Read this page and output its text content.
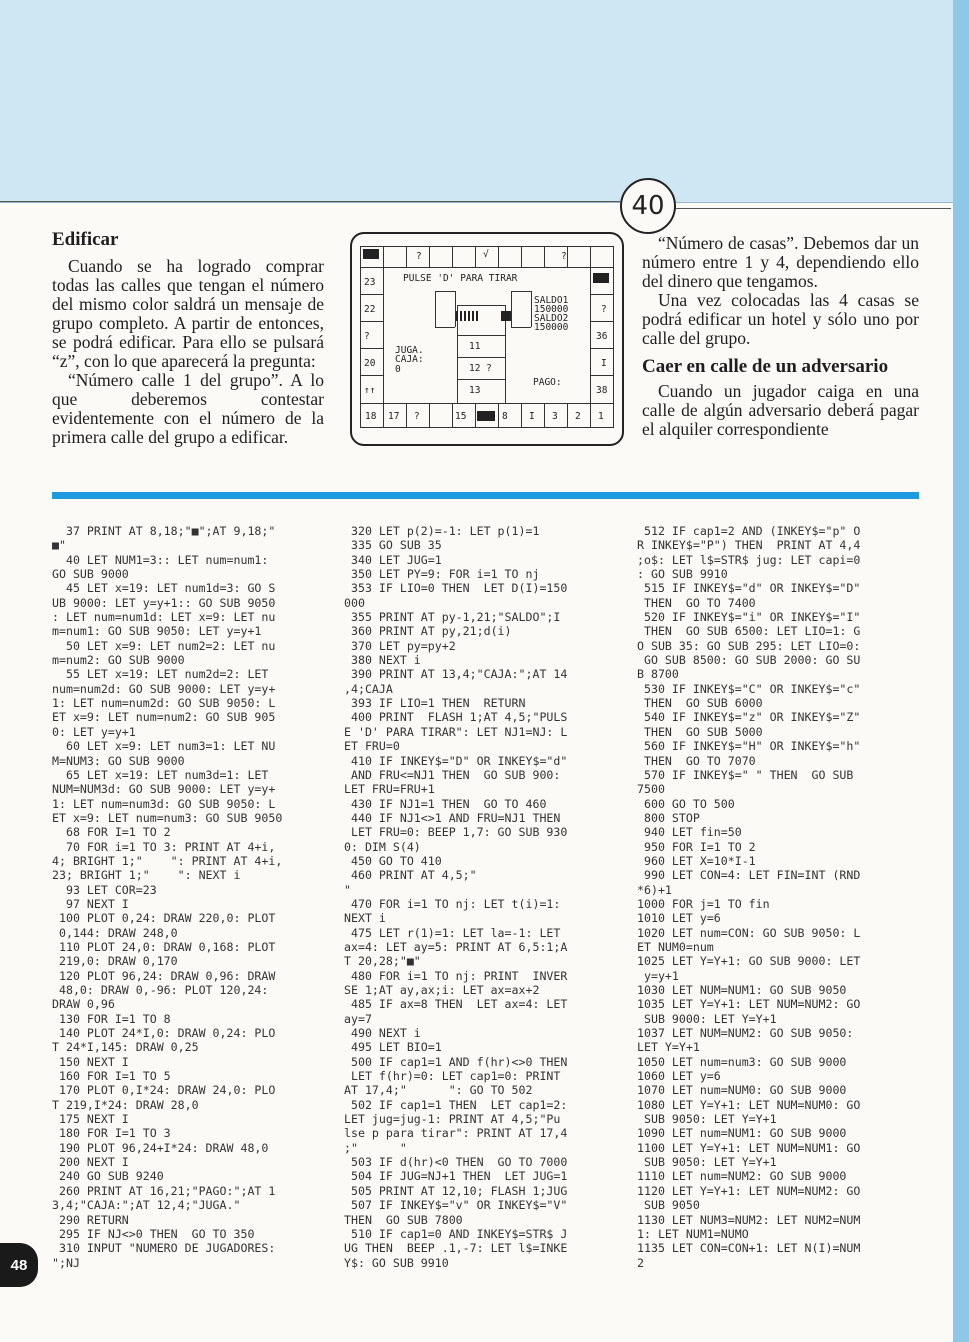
40
Edificar

Cuando se ha logrado comprar todas las calles que tengan el número del mismo color saldrá un mensaje de grupo completo. A partir de entonces, se podrá edificar. Para ello se pulsará “z”, con lo que aparecerá la pregunta:

“Número calle 1 del grupo”. A lo que deberemos contestar evidentemente con el número de la primera calle del grupo a edificar.

?	√	?
PULSE 'D' PARA TIRAR
23
22
?
20
↑↑
?
36
I
38
SALDO1
150000
SALDO2
150000
JUGA.
CAJA:
0
11
12 ?
13
PAGO:
18 17 ?	15	8 I 3 2 1

“Número de casas”. Debemos dar un número entre 1 y 4, dependiendo ello del dinero que tengamos.

Una vez colocadas las 4 casas se podrá edificar un hotel y sólo uno por calle del grupo.

Caer en calle de un adversario

Cuando un jugador caiga en una calle de algún adversario deberá pagar el alquiler correspondiente

37 PRINT AT 8,18;"■";AT 9,18;"
■"
40 LET NUM1=3:: LET num=num1:
GO SUB 9000
45 LET x=19: LET num1d=3: GO S
UB 9000: LET y=y+1:: GO SUB 9050
: LET num=num1d: LET x=9: LET nu
m=num1: GO SUB 9050: LET y=y+1
50 LET x=9: LET num2=2: LET nu
m=num2: GO SUB 9000
55 LET x=19: LET num2d=2: LET
num=num2d: GO SUB 9000: LET y=y+
1: LET num=num2d: GO SUB 9050: L
ET x=9: LET num=num2: GO SUB 905
0: LET y=y+1
60 LET x=9: LET num3=1: LET NU
M=NUM3: GO SUB 9000
65 LET x=19: LET num3d=1: LET
NUM=NUM3d: GO SUB 9000: LET y=y+
1: LET num=num3d: GO SUB 9050: L
ET x=9: LET num=num3: GO SUB 9050
68 FOR I=1 TO 2
70 FOR i=1 TO 3: PRINT AT 4+i,
4; BRIGHT 1;"    ": PRINT AT 4+i,
23; BRIGHT 1;"    ": NEXT i
93 LET COR=23
97 NEXT I
100 PLOT 0,24: DRAW 220,0: PLOT
0,144: DRAW 248,0
110 PLOT 24,0: DRAW 0,168: PLOT
219,0: DRAW 0,170
120 PLOT 96,24: DRAW 0,96: DRAW
48,0: DRAW 0,-96: PLOT 120,24:
DRAW 0,96
130 FOR I=1 TO 8
140 PLOT 24*I,0: DRAW 0,24: PLO
T 24*I,145: DRAW 0,25
150 NEXT I
160 FOR I=1 TO 5
170 PLOT 0,I*24: DRAW 24,0: PLO
T 219,I*24: DRAW 28,0
175 NEXT I
180 FOR I=1 TO 3
190 PLOT 96,24+I*24: DRAW 48,0
200 NEXT I
240 GO SUB 9240
260 PRINT AT 16,21;"PAGO:";AT 1
3,4;"CAJA:";AT 12,4;"JUGA."
290 RETURN
295 IF NJ<>0 THEN  GO TO 350
310 INPUT "NUMERO DE JUGADORES:
";NJ
320 LET p(2)=-1: LET p(1)=1
335 GO SUB 35
340 LET JUG=1
350 LET PY=9: FOR i=1 TO nj
353 IF LIO=0 THEN  LET D(I)=150
000
355 PRINT AT py-1,21;"SALDO";I
360 PRINT AT py,21;d(i)
370 LET py=py+2
380 NEXT i
390 PRINT AT 13,4;"CAJA:";AT 14
,4;CAJA
393 IF LIO=1 THEN  RETURN
400 PRINT  FLASH 1;AT 4,5;"PULS
E 'D' PARA TIRAR": LET NJ1=NJ: L
ET FRU=0
410 IF INKEY$="D" OR INKEY$="d"
AND FRU<=NJ1 THEN  GO SUB 900:
LET FRU=FRU+1
430 IF NJ1=1 THEN  GO TO 460
440 IF NJ1<>1 AND FRU=NJ1 THEN
LET FRU=0: BEEP 1,7: GO SUB 930
0: DIM S(4)
450 GO TO 410
460 PRINT AT 4,5;"
"
470 FOR i=1 TO nj: LET t(i)=1:
NEXT i
475 LET r(1)=1: LET la=-1: LET
ax=4: LET ay=5: PRINT AT 6,5:1;A
T 20,28;"■"
480 FOR i=1 TO nj: PRINT  INVER
SE 1;AT ay,ax;i: LET ax=ax+2
485 IF ax=8 THEN  LET ax=4: LET
ay=7
490 NEXT i
495 LET BIO=1
500 IF cap1=1 AND f(hr)<>0 THEN
LET f(hr)=0: LET cap1=0: PRINT
AT 17,4;"      ": GO TO 502
502 IF cap1=1 THEN  LET cap1=2:
LET jug=jug-1: PRINT AT 4,5;"Pu
lse p para tirar": PRINT AT 17,4
;"      "
503 IF d(hr)<0 THEN  GO TO 7000
504 IF JUG=NJ+1 THEN  LET JUG=1
505 PRINT AT 12,10; FLASH 1;JUG
507 IF INKEY$="v" OR INKEY$="V"
THEN  GO SUB 7800
510 IF cap1=0 AND INKEY$=STR$ J
UG THEN  BEEP .1,-7: LET l$=INKE
Y$: GO SUB 9910
512 IF cap1=2 AND (INKEY$="p" O
R INKEY$="P") THEN  PRINT AT 4,4
;o$: LET l$=STR$ jug: LET capi=0
: GO SUB 9910
515 IF INKEY$="d" OR INKEY$="D"
THEN  GO TO 7400
520 IF INKEY$="i" OR INKEY$="I"
THEN  GO SUB 6500: LET LIO=1: G
O SUB 35: GO SUB 295: LET LIO=0:
GO SUB 8500: GO SUB 2000: GO SU
B 8700
530 IF INKEY$="C" OR INKEY$="c"
THEN  GO SUB 6000
540 IF INKEY$="z" OR INKEY$="Z"
THEN  GO SUB 5000
560 IF INKEY$="H" OR INKEY$="h"
THEN  GO TO 7070
570 IF INKEY$=" " THEN  GO SUB
7500
600 GO TO 500
800 STOP
940 LET fin=50
950 FOR I=1 TO 2
960 LET X=10*I-1
990 LET CON=4: LET FIN=INT (RND
*6)+1
1000 FOR j=1 TO fin
1010 LET y=6
1020 LET num=CON: GO SUB 9050: L
ET NUM0=num
1025 LET Y=Y+1: GO SUB 9000: LET
y=y+1
1030 LET NUM=NUM1: GO SUB 9050
1035 LET Y=Y+1: LET NUM=NUM2: GO
SUB 9000: LET Y=Y+1
1037 LET NUM=NUM2: GO SUB 9050:
LET Y=Y+1
1050 LET num=num3: GO SUB 9000
1060 LET y=6
1070 LET num=NUM0: GO SUB 9000
1080 LET Y=Y+1: LET NUM=NUM0: GO
SUB 9050: LET Y=Y+1
1090 LET num=NUM1: GO SUB 9000
1100 LET Y=Y+1: LET NUM=NUM1: GO
SUB 9050: LET Y=Y+1
1110 LET num=NUM2: GO SUB 9000
1120 LET Y=Y+1: LET NUM=NUM2: GO
SUB 9050
1130 LET NUM3=NUM2: LET NUM2=NUM
1: LET NUM1=NUMO
1135 LET CON=CON+1: LET N(I)=NUM
2
48
